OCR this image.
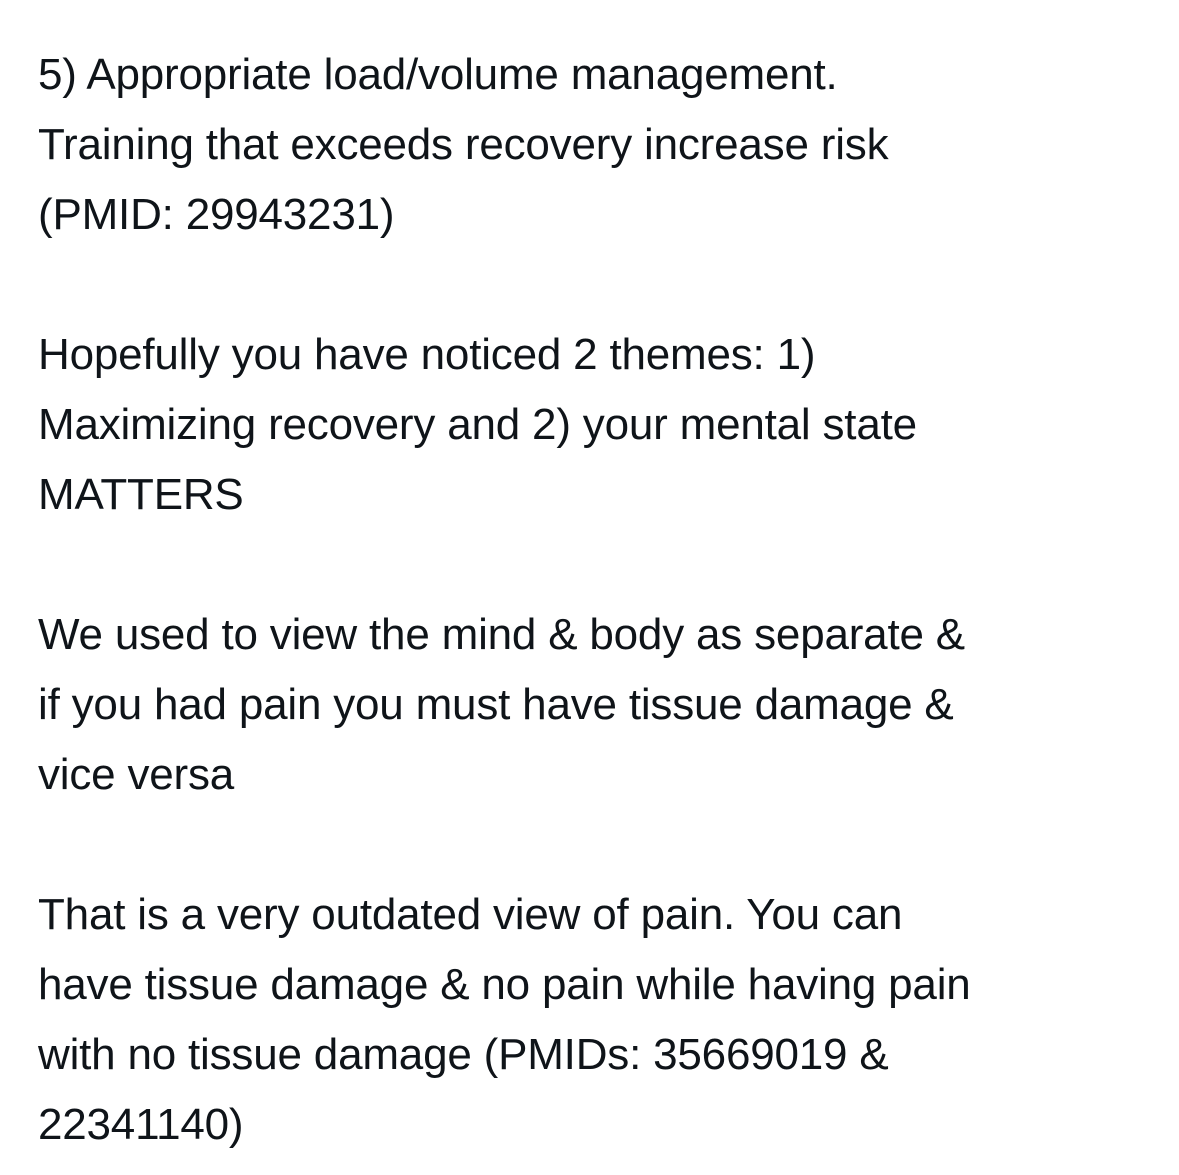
5) Appropriate load/volume management.
Training that exceeds recovery increase risk
(PMID: 29943231)
Hopefully you have noticed 2 themes: 1)
Maximizing recovery and 2) your mental state
MATTERS
We used to view the mind & body as separate &
if you had pain you must have tissue damage &
vice versa
That is a very outdated view of pain. You can
have tissue damage & no pain while having pain
with no tissue damage (PMIDs: 35669019 &
22341140)
